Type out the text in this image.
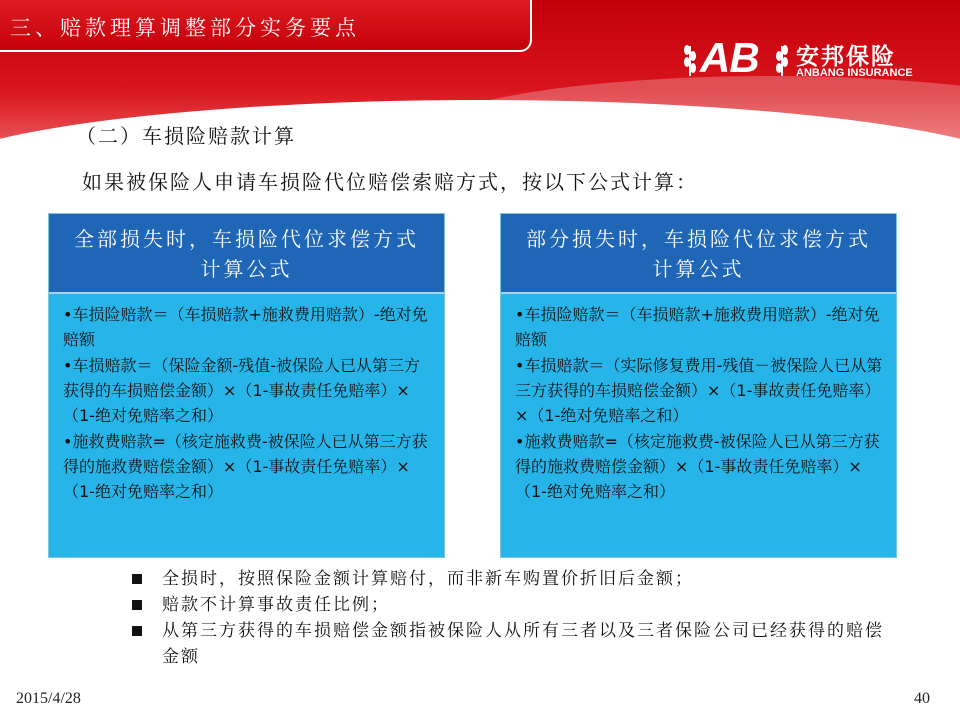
三、赔款理算调整部分实务要点
AB 安邦保险
ANBANG INSURANCE
（二）车损险赔款计算
如果被保险人申请车损险代位赔偿索赔方式，按以下公式计算：
全部损失时，车损险代位求偿方式
计算公式

•车损险赔款＝（车损赔款+施救费用赔款）-绝对免赔额

•车损赔款＝（保险金额-残值-被保险人已从第三方获得的车损赔偿金额）×（1-事故责任免赔率）×（1-绝对免赔率之和）

•施救费赔款=（核定施救费-被保险人已从第三方获得的施救费赔偿金额）×（1-事故责任免赔率）×（1-绝对免赔率之和）

部分损失时，车损险代位求偿方式
计算公式

•车损险赔款＝（车损赔款+施救费用赔款）-绝对免赔额

•车损赔款＝（实际修复费用-残值－被保险人已从第三方获得的车损赔偿金额）×（1-事故责任免赔率）×（1-绝对免赔率之和）

•施救费赔款=（核定施救费-被保险人已从第三方获得的施救费赔偿金额）×（1-事故责任免赔率）×（1-绝对免赔率之和）

全损时，按照保险金额计算赔付，而非新车购置价折旧后金额；
赔款不计算事故责任比例；
从第三方获得的车损赔偿金额指被保险人从所有三者以及三者保险公司已经获得的赔偿金额
2015/4/28	40
